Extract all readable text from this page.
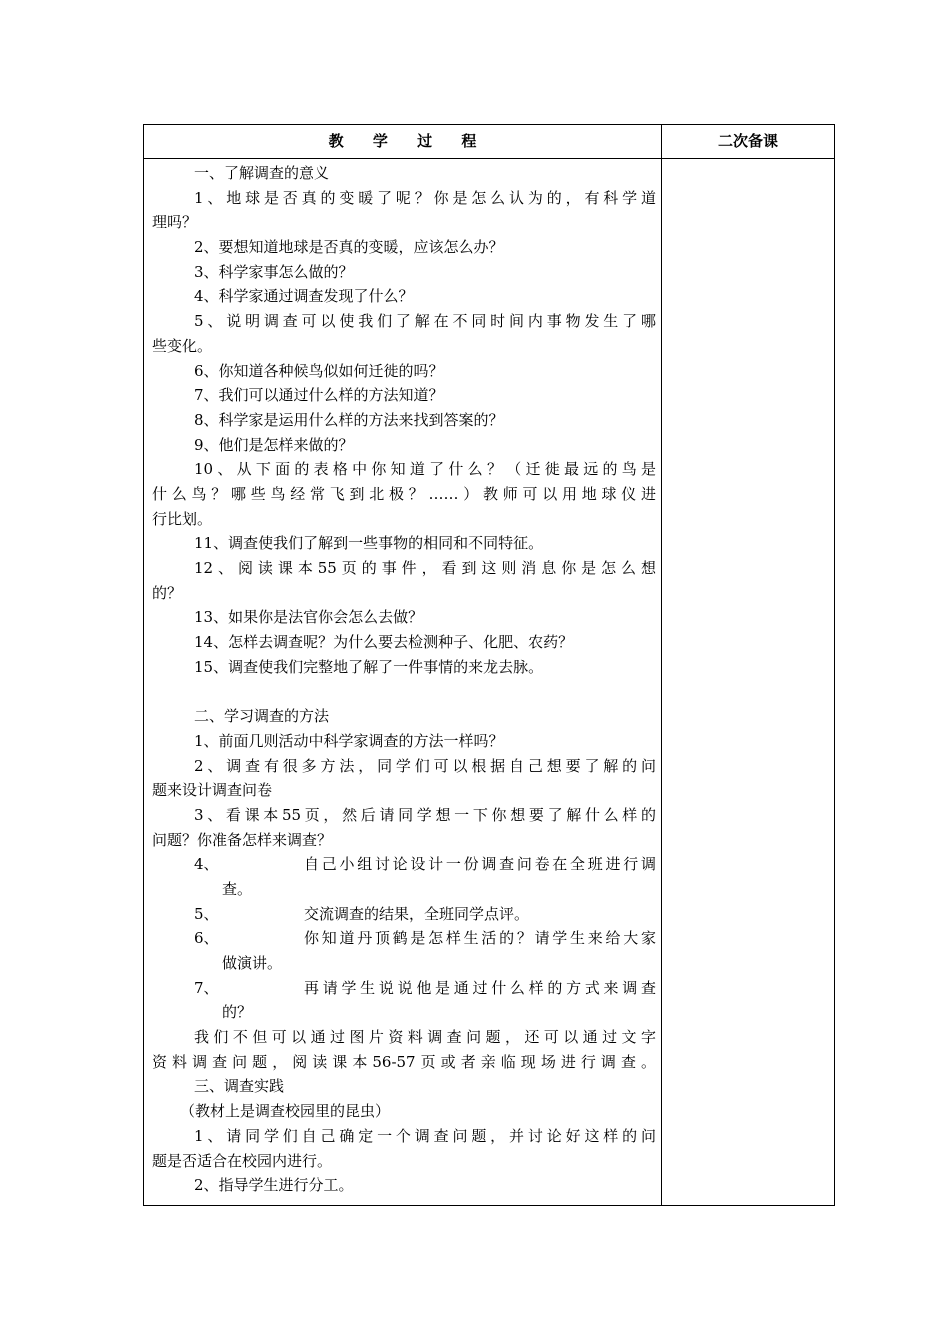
教 学 过 程	二次备课
一、了解调查的意义
1、地球是否真的变暖了呢？你是怎么认为的，有科学道
理吗？
2、要想知道地球是否真的变暖，应该怎么办？
3、科学家事怎么做的？
4、科学家通过调查发现了什么？
5、说明调查可以使我们了解在不同时间内事物发生了哪
些变化。
6、你知道各种候鸟似如何迁徙的吗？
7、我们可以通过什么样的方法知道？
8、科学家是运用什么样的方法来找到答案的？
9、他们是怎样来做的？
10、从下面的表格中你知道了什么？（迁徙最远的鸟是
什么鸟？哪些鸟经常飞到北极？……）教师可以用地球仪进
行比划。
11、调查使我们了解到一些事物的相同和不同特征。
12、阅读课本55页的事件，看到这则消息你是怎么想
的？
13、如果你是法官你会怎么去做？
14、怎样去调查呢？为什么要去检测种子、化肥、农药？
15、调查使我们完整地了解了一件事情的来龙去脉。
二、学习调查的方法
1、前面几则活动中科学家调查的方法一样吗？
2、调查有很多方法，同学们可以根据自己想要了解的问
题来设计调查问卷
3、看课本55页，然后请同学想一下你想要了解什么样的
问题？你准备怎样来调查？
4、	自己小组讨论设计一份调查问卷在全班进行调
查。
5、	交流调查的结果，全班同学点评。
6、	你知道丹顶鹤是怎样生活的？请学生来给大家
做演讲。
7、	再请学生说说他是通过什么样的方式来调查
的？
我们不但可以通过图片资料调查问题，还可以通过文字
资料调查问题，阅读课本56-57页或者亲临现场进行调查。
三、调查实践
（教材上是调查校园里的昆虫）
1、请同学们自己确定一个调查问题，并讨论好这样的问
题是否适合在校园内进行。
2、指导学生进行分工。
